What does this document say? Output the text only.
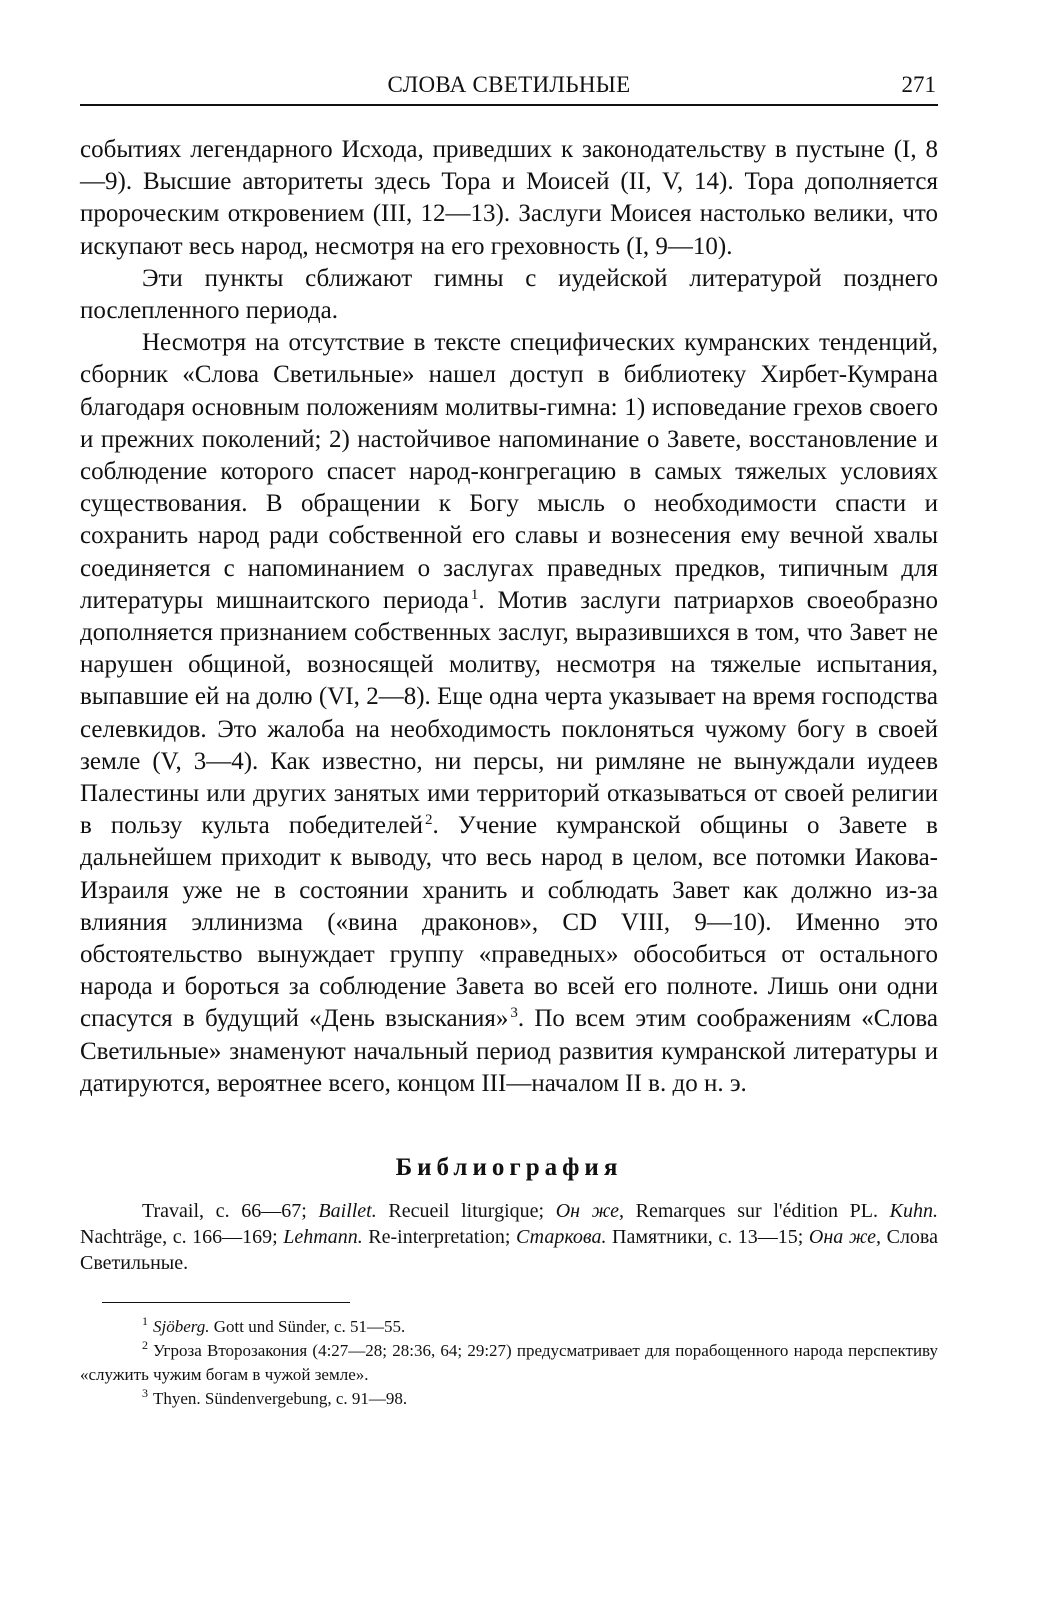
СЛОВА СВЕТИЛЬНЫЕ	271

событиях легендарного Исхода, приведших к законодательству в пустыне (I, 8—9). Высшие авторитеты здесь Тора и Моисей (II, V, 14). Тора дополняется пророческим откровением (III, 12—13). Заслуги Моисея настолько велики, что искупают весь народ, несмотря на его греховность (I, 9—10).

Эти пункты сближают гимны с иудейской литературой позднего послепленного периода.

Несмотря на отсутствие в тексте специфических кумранских тенденций, сборник «Слова Светильные» нашел доступ в библиотеку Хирбет-Кумрана благодаря основным положениям молитвы-гимна: 1) исповедание грехов своего и прежних поколений; 2) настойчивое напоминание о Завете, восстановление и соблюдение которого спасет народ-конгрегацию в самых тяжелых условиях существования. В обращении к Богу мысль о необходимости спасти и сохранить народ ради собственной его славы и вознесения ему вечной хвалы соединяется с напоминанием о заслугах праведных предков, типичным для литературы мишнаитского периода $^1$. Мотив заслуги патриархов своеобразно дополняется признанием собственных заслуг, выразившихся в том, что Завет не нарушен общиной, возносящей молитву, несмотря на тяжелые испытания, выпавшие ей на долю (VI, 2—8). Еще одна черта указывает на время господства селевкидов. Это жалоба на необходимость поклоняться чужому богу в своей земле (V, 3—4). Как известно, ни персы, ни римляне не вынуждали иудеев Палестины или других занятых ими территорий отказываться от своей религии в пользу культа победителей $^2$. Учение кумранской общины о Завете в дальнейшем приходит к выводу, что весь народ в целом, все потомки Иакова-Израиля уже не в состоянии хранить и соблюдать Завет как должно из-за влияния эллинизма («вина драконов», CD VIII, 9—10). Именно это обстоятельство вынуждает группу «праведных» обособиться от остального народа и бороться за соблюдение Завета во всей его полноте. Лишь они одни спасутся в будущий «День взыскания» $^3$. По всем этим соображениям «Слова Светильные» знаменуют начальный период развития кумранской литературы и датируются, вероятнее всего, концом III—началом II в. до н. э.

Библиография

Travail, с. 66—67; Baillet. Recueil liturgique; Он же, Remarques sur l'édition PL. Kuhn. Nachträge, с. 166—169; Lehmann. Re-interpretation; Старкова. Памятники, с. 13—15; Она же, Слова Светильные.

$^1$ Sjöberg. Gott und Sünder, с. 51—55.

$^2$ Угроза Второзакония (4:27—28; 28:36, 64; 29:27) предусматривает для порабощенного народа перспективу «служить чужим богам в чужой земле».

$^3$ Thyen. Sündenvergebung, с. 91—98.
